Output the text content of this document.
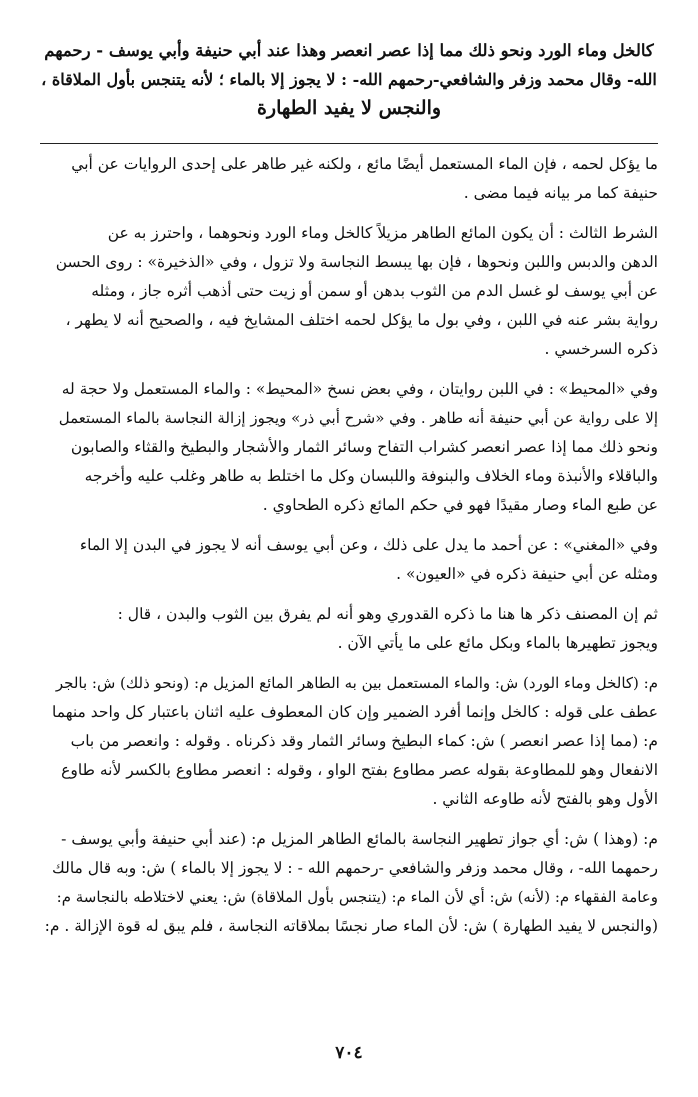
كالخل وماء الورد ونحو ذلك مما إذا عصر انعصر وهذا عند أبي حنيفة وأبي يوسف - رحمهم
الله- وقال محمد وزفر والشافعي-رحمهم الله- : لا يجوز إلا بالماء ؛ لأنه يتنجس بأول الملاقاة ،
والنجس لا يفيد الطهارة
ما يؤكل لحمه ، فإن الماء المستعمل أيضًا مائع ، ولكنه غير طاهر على إحدى الروايات عن أبي
حنيفة كما مر بيانه فيما مضى .
الشرط الثالث : أن يكون المائع الطاهر مزيلاً كالخل وماء الورد ونحوهما ، واحترز به عن
الدهن والدبس واللبن ونحوها ، فإن بها يبسط النجاسة ولا تزول ، وفي «الذخيرة» : روى الحسن
عن أبي يوسف لو غسل الدم من الثوب بدهن أو سمن أو زيت حتى أذهب أثره جاز ، ومثله
رواية بشر عنه في اللبن ، وفي بول ما يؤكل لحمه اختلف المشايخ فيه ، والصحيح أنه لا يطهر ،
ذكره السرخسي .
وفي «المحيط» : في اللبن روايتان ، وفي بعض نسخ «المحيط» : والماء المستعمل ولا حجة له
إلا على رواية عن أبي حنيفة أنه طاهر . وفي «شرح أبي ذر» ويجوز إزالة النجاسة بالماء المستعمل
ونحو ذلك مما إذا عصر انعصر كشراب التفاح وسائر الثمار والأشجار والبطيخ والقثاء والصابون
والباقلاء والأنبذة وماء الخلاف والبنوفة واللبسان وكل ما اختلط به طاهر وغلب عليه وأخرجه
عن طبع الماء وصار مقيدًا فهو في حكم المائع ذكره الطحاوي .
وفي «المغني» : عن أحمد ما يدل على ذلك ، وعن أبي يوسف أنه لا يجوز في البدن إلا الماء
ومثله عن أبي حنيفة ذكره في «العيون» .
ثم إن المصنف ذكر ها هنا ما ذكره القدوري وهو أنه لم يفرق بين الثوب والبدن ، قال :
ويجوز تطهيرها بالماء وبكل مائع على ما يأتي الآن .
م: (كالخل وماء الورد) ش: والماء المستعمل بين به الطاهر المائع المزيل م: (ونحو ذلك) ش: بالجر
عطف على قوله : كالخل وإنما أفرد الضمير وإن كان المعطوف عليه اثنان باعتبار كل واحد منهما
م: (مما إذا عصر انعصر ) ش: كماء البطيخ وسائر الثمار وقد ذكرناه . وقوله : وانعصر من باب
الانفعال وهو للمطاوعة بقوله عصر مطاوع بفتح الواو ، وقوله : انعصر مطاوع بالكسر لأنه طاوع
الأول وهو بالفتح لأنه طاوعه الثاني .
م: (وهذا ) ش: أي جواز تطهير النجاسة بالمائع الطاهر المزيل م: (عند أبي حنيفة وأبي يوسف -
رحمهما الله- ، وقال محمد وزفر والشافعي -رحمهم الله - : لا يجوز إلا بالماء ) ش: وبه قال مالك
وعامة الفقهاء م: (لأنه) ش: أي لأن الماء م: (يتنجس بأول الملاقاة) ش: يعني لاختلاطه بالنجاسة م:
(والنجس لا يفيد الطهارة ) ش: لأن الماء صار نجسًا بملاقاته النجاسة ، فلم يبق له قوة الإزالة . م:
٧٠٤
